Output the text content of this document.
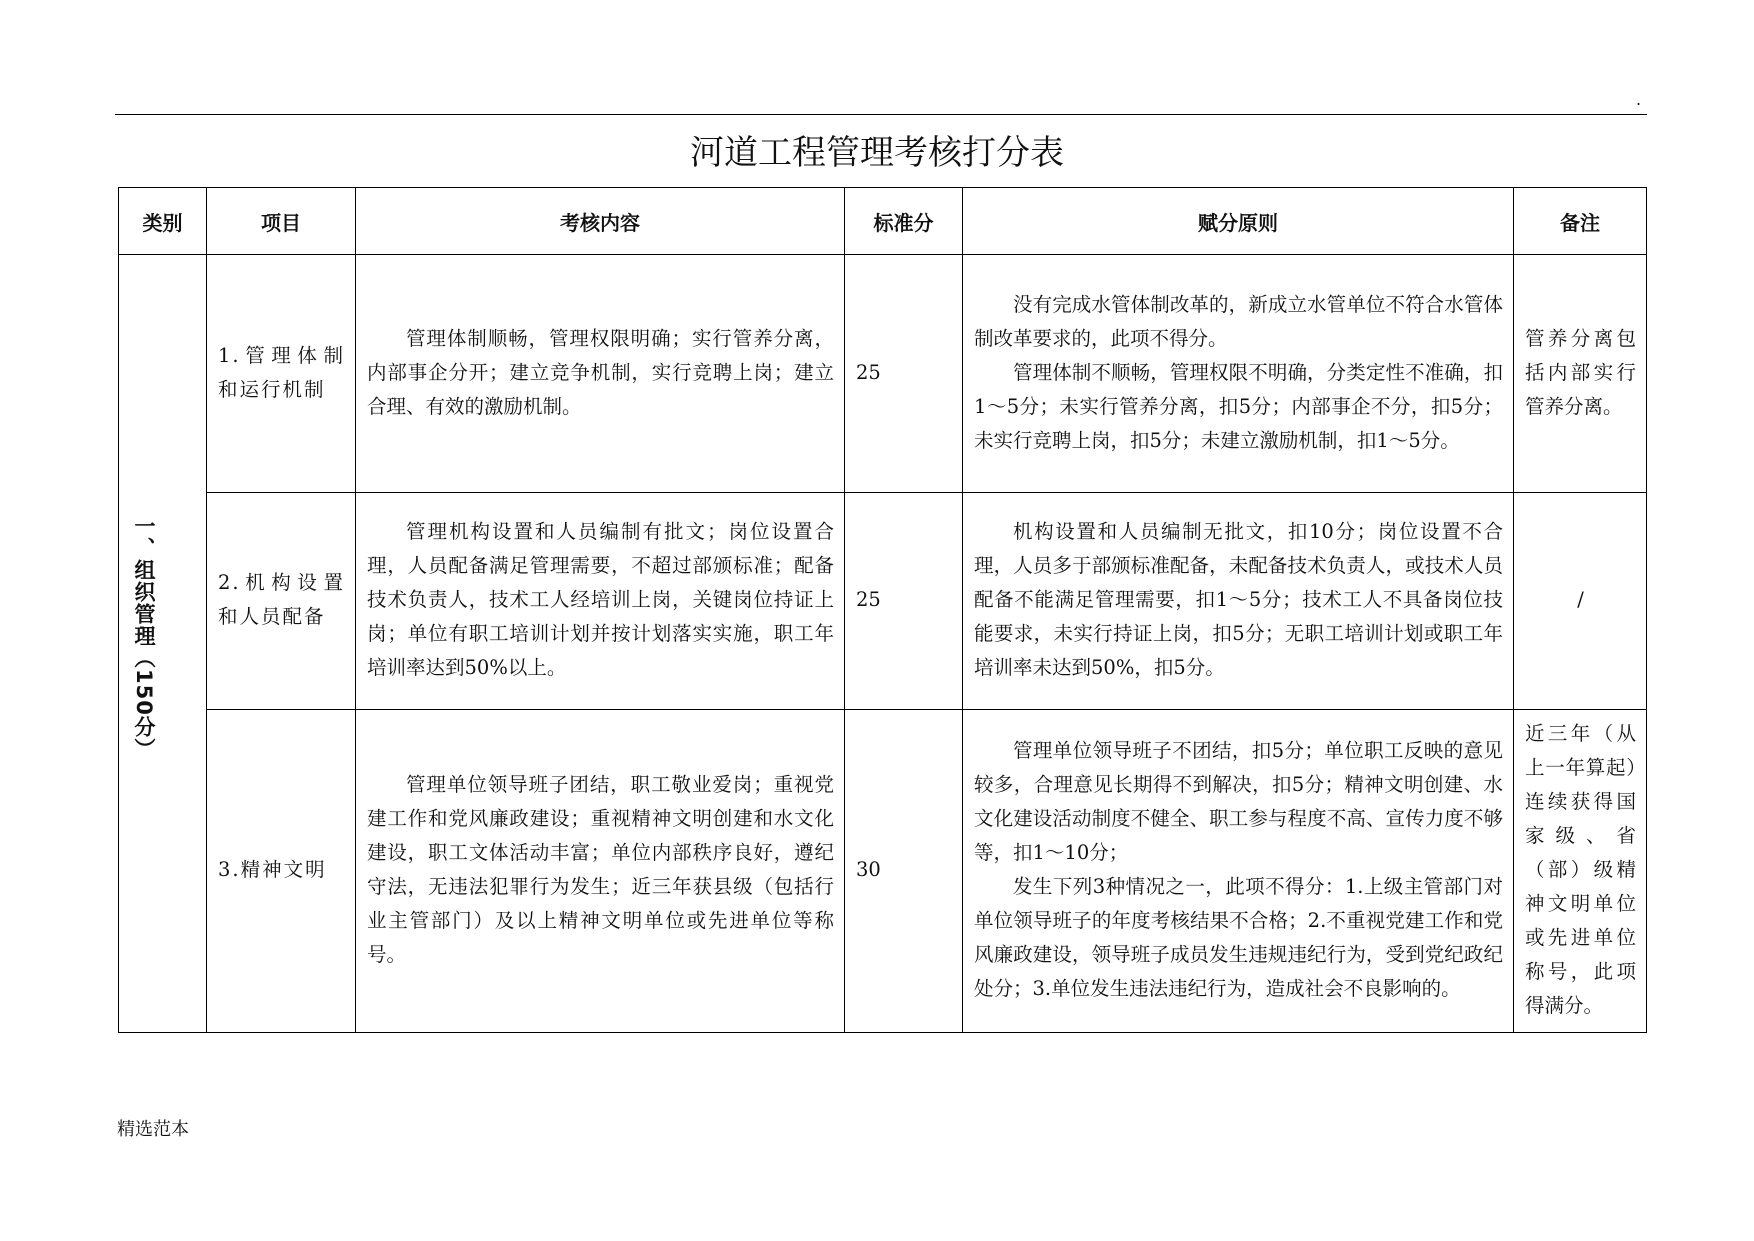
.
河道工程管理考核打分表
类别	项目	考核内容	标准分	赋分原则	备注
一、组织管理（150分）	1.管理体制和运行机制	管理体制顺畅，管理权限明确；实行管养分离，内部事企分开；建立竞争机制，实行竞聘上岗；建立合理、有效的激励机制。	25	没有完成水管体制改革的，新成立水管单位不符合水管体制改革要求的，此项不得分。

管理体制不顺畅，管理权限不明确，分类定性不准确，扣1～5分；未实行管养分离，扣5分；内部事企不分，扣5分；未实行竞聘上岗，扣5分；未建立激励机制，扣1～5分。	管养分离包括内部实行管养分离。
	2.机构设置和人员配备	管理机构设置和人员编制有批文；岗位设置合理，人员配备满足管理需要，不超过部颁标准；配备技术负责人，技术工人经培训上岗，关键岗位持证上岗；单位有职工培训计划并按计划落实实施，职工年培训率达到50%以上。	25	机构设置和人员编制无批文，扣10分；岗位设置不合理，人员多于部颁标准配备，未配备技术负责人，或技术人员配备不能满足管理需要，扣1～5分；技术工人不具备岗位技能要求，未实行持证上岗，扣5分；无职工培训计划或职工年培训率未达到50%，扣5分。	/
	3.精神文明	管理单位领导班子团结，职工敬业爱岗；重视党建工作和党风廉政建设；重视精神文明创建和水文化建设，职工文体活动丰富；单位内部秩序良好，遵纪守法，无违法犯罪行为发生；近三年获县级（包括行业主管部门）及以上精神文明单位或先进单位等称号。	30	管理单位领导班子不团结，扣5分；单位职工反映的意见较多，合理意见长期得不到解决，扣5分；精神文明创建、水文化建设活动制度不健全、职工参与程度不高、宣传力度不够等，扣1～10分；

发生下列3种情况之一，此项不得分：1.上级主管部门对单位领导班子的年度考核结果不合格；2.不重视党建工作和党风廉政建设，领导班子成员发生违规违纪行为，受到党纪政纪处分；3.单位发生违法违纪行为，造成社会不良影响的。	近三年（从上一年算起）连续获得国家级、省（部）级精神文明单位或先进单位称号，此项得满分。
精选范本
